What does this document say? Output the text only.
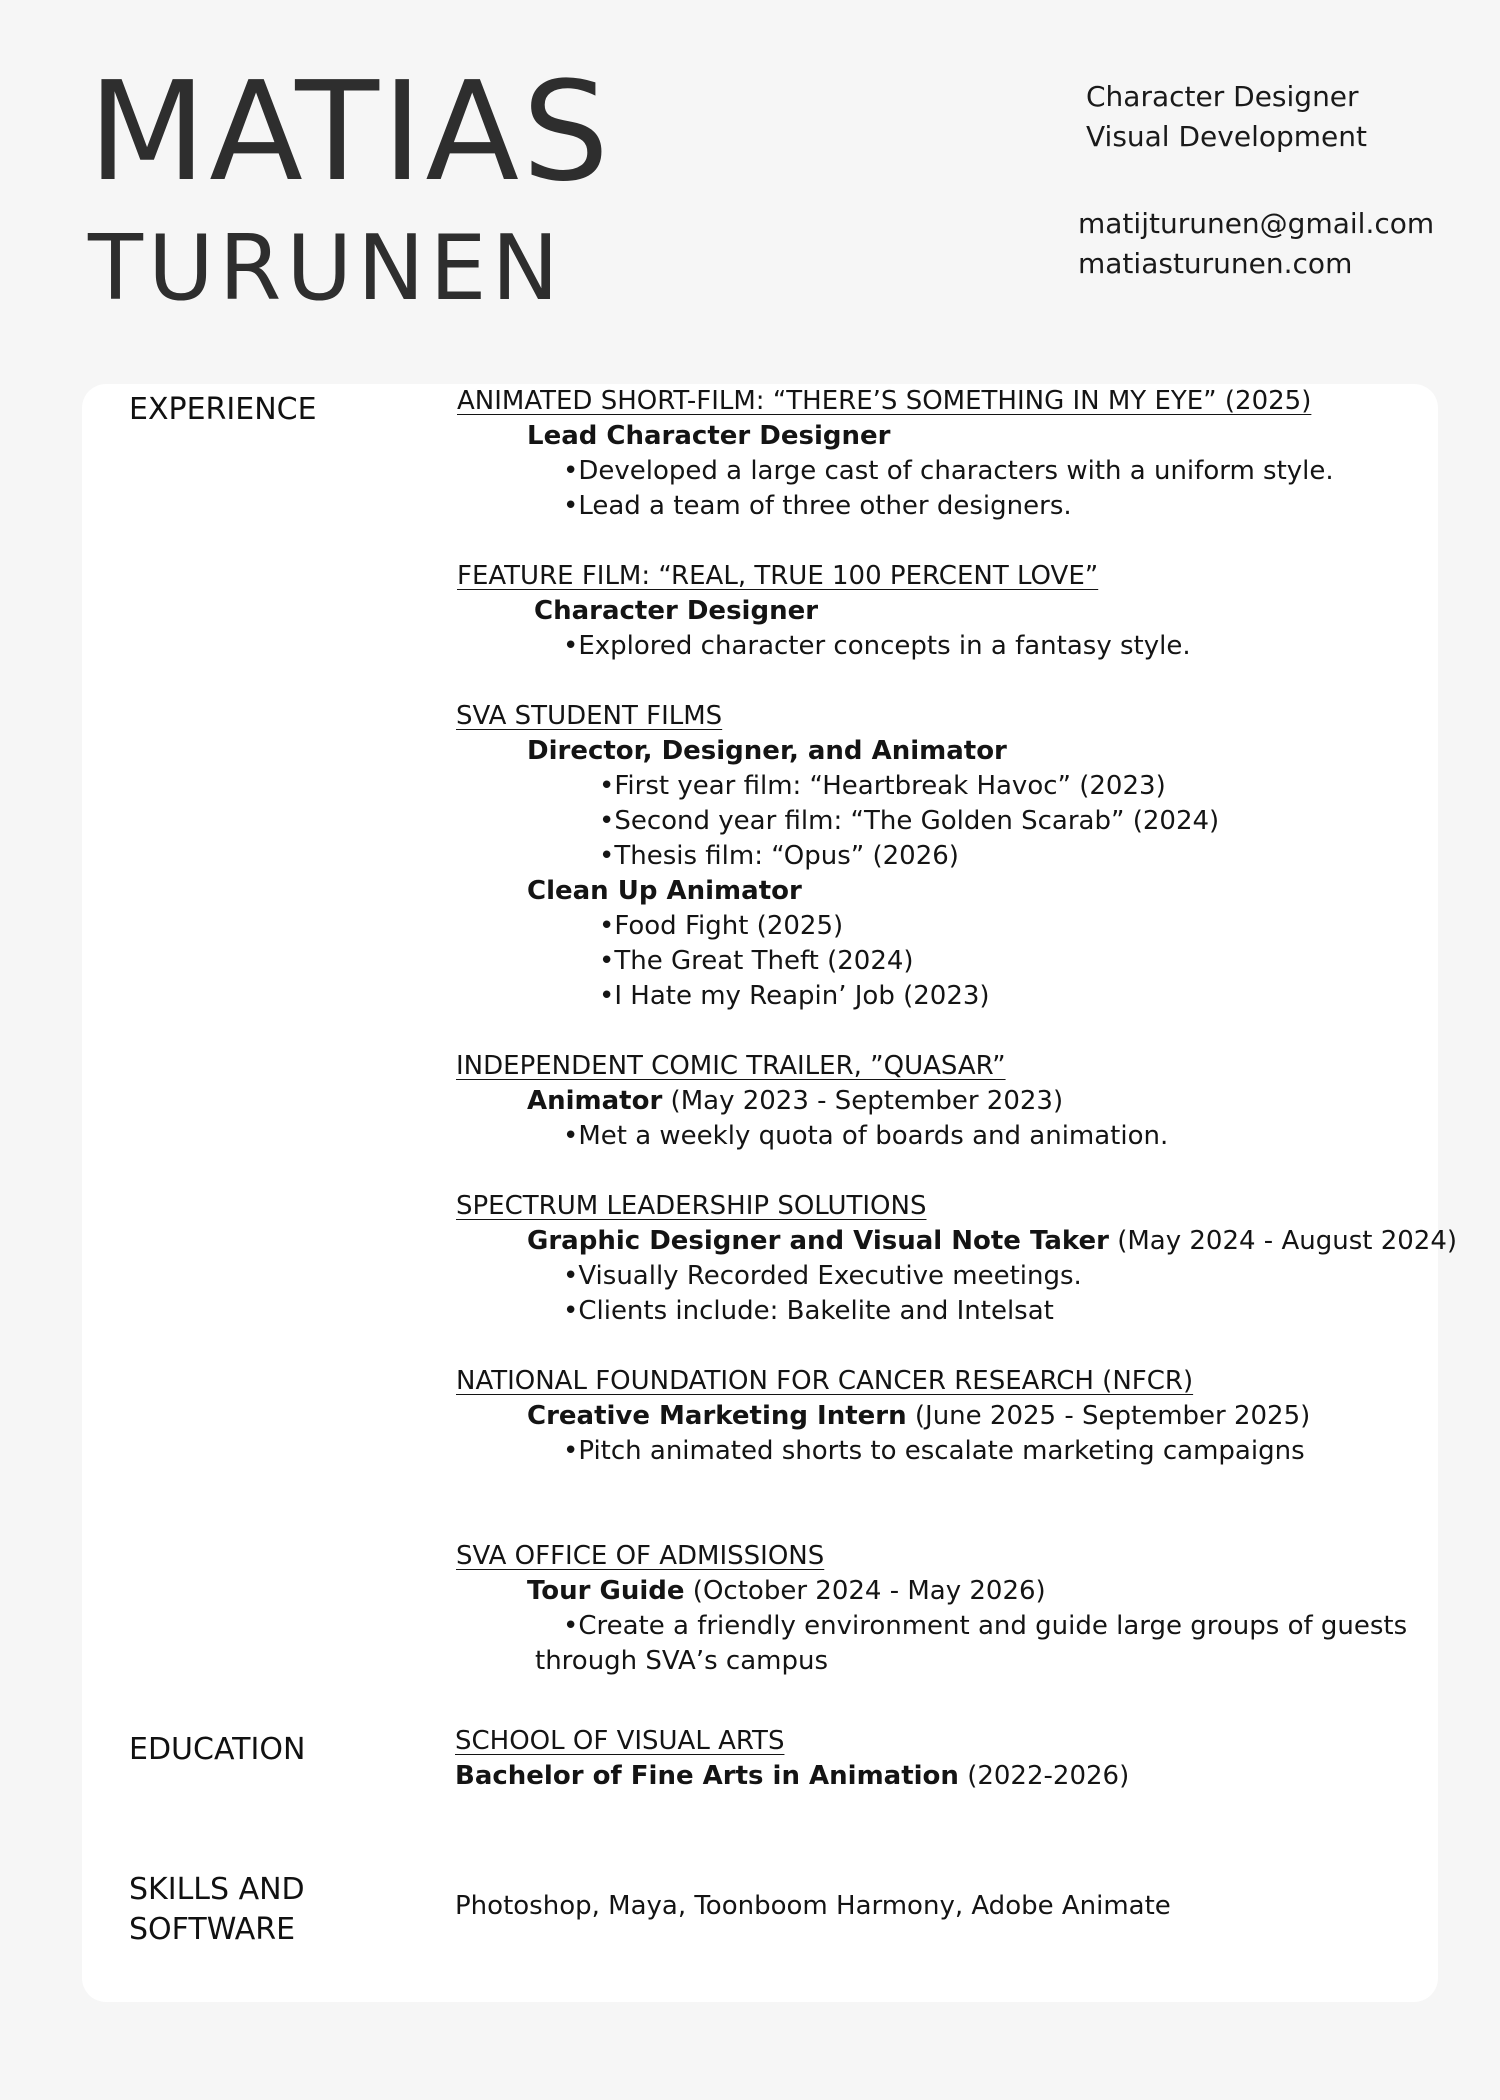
MATIAS
TURUNEN
Character Designer
Visual Development
matijturunen@gmail.com
matiasturunen.com
EXPERIENCE
EDUCATION
SKILLS AND
SOFTWARE
ANIMATED SHORT-FILM: “THERE’S SOMETHING IN MY EYE” (2025)
Lead Character Designer
•Developed a large cast of characters with a uniform style.
•Lead a team of three other designers.
FEATURE FILM: “REAL, TRUE 100 PERCENT LOVE”
Character Designer
•Explored character concepts in a fantasy style.
SVA STUDENT FILMS
Director, Designer, and Animator
•First year film: “Heartbreak Havoc” (2023)
•Second year film: “The Golden Scarab” (2024)
•Thesis film: “Opus” (2026)
Clean Up Animator
•Food Fight (2025)
•The Great Theft (2024)
•I Hate my Reapin’ Job (2023)
INDEPENDENT COMIC TRAILER, ”QUASAR”
Animator (May 2023 - September 2023)
•Met a weekly quota of boards and animation.
SPECTRUM LEADERSHIP SOLUTIONS
Graphic Designer and Visual Note Taker (May 2024 - August 2024)
•Visually Recorded Executive meetings.
•Clients include: Bakelite and Intelsat
NATIONAL FOUNDATION FOR CANCER RESEARCH (NFCR)
Creative Marketing Intern (June 2025 - September 2025)
•Pitch animated shorts to escalate marketing campaigns
SVA OFFICE OF ADMISSIONS
Tour Guide (October 2024 - May 2026)
•Create a friendly environment and guide large groups of guests
through SVA’s campus
SCHOOL OF VISUAL ARTS
Bachelor of Fine Arts in Animation (2022-2026)
Photoshop, Maya, Toonboom Harmony, Adobe Animate
